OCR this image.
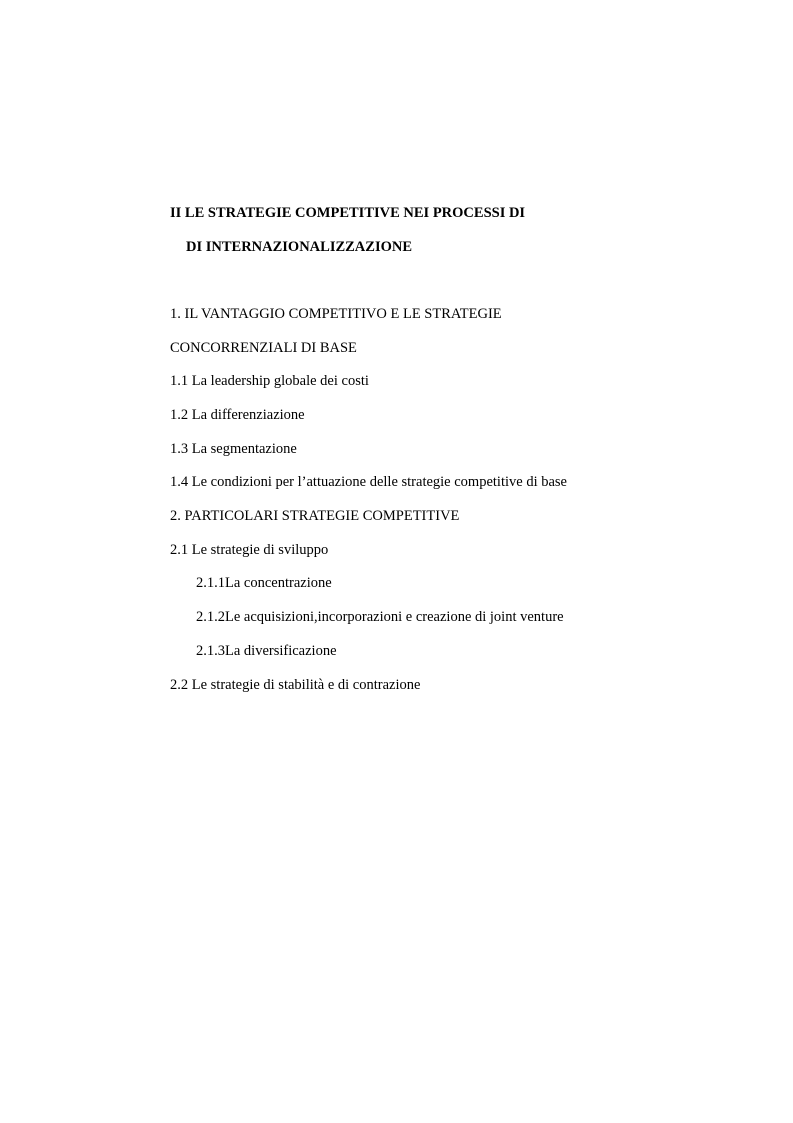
II LE STRATEGIE COMPETITIVE NEI PROCESSI DI
DI INTERNAZIONALIZZAZIONE
1. IL VANTAGGIO COMPETITIVO E LE STRATEGIE
CONCORRENZIALI DI BASE
1.1 La leadership globale dei costi
1.2 La differenziazione
1.3 La segmentazione
1.4 Le condizioni per l’attuazione delle strategie competitive di base
2. PARTICOLARI STRATEGIE COMPETITIVE
2.1 Le strategie di sviluppo
2.1.1La concentrazione
2.1.2Le acquisizioni,incorporazioni e creazione di joint venture
2.1.3La diversificazione
2.2 Le strategie di stabilità e di contrazione
